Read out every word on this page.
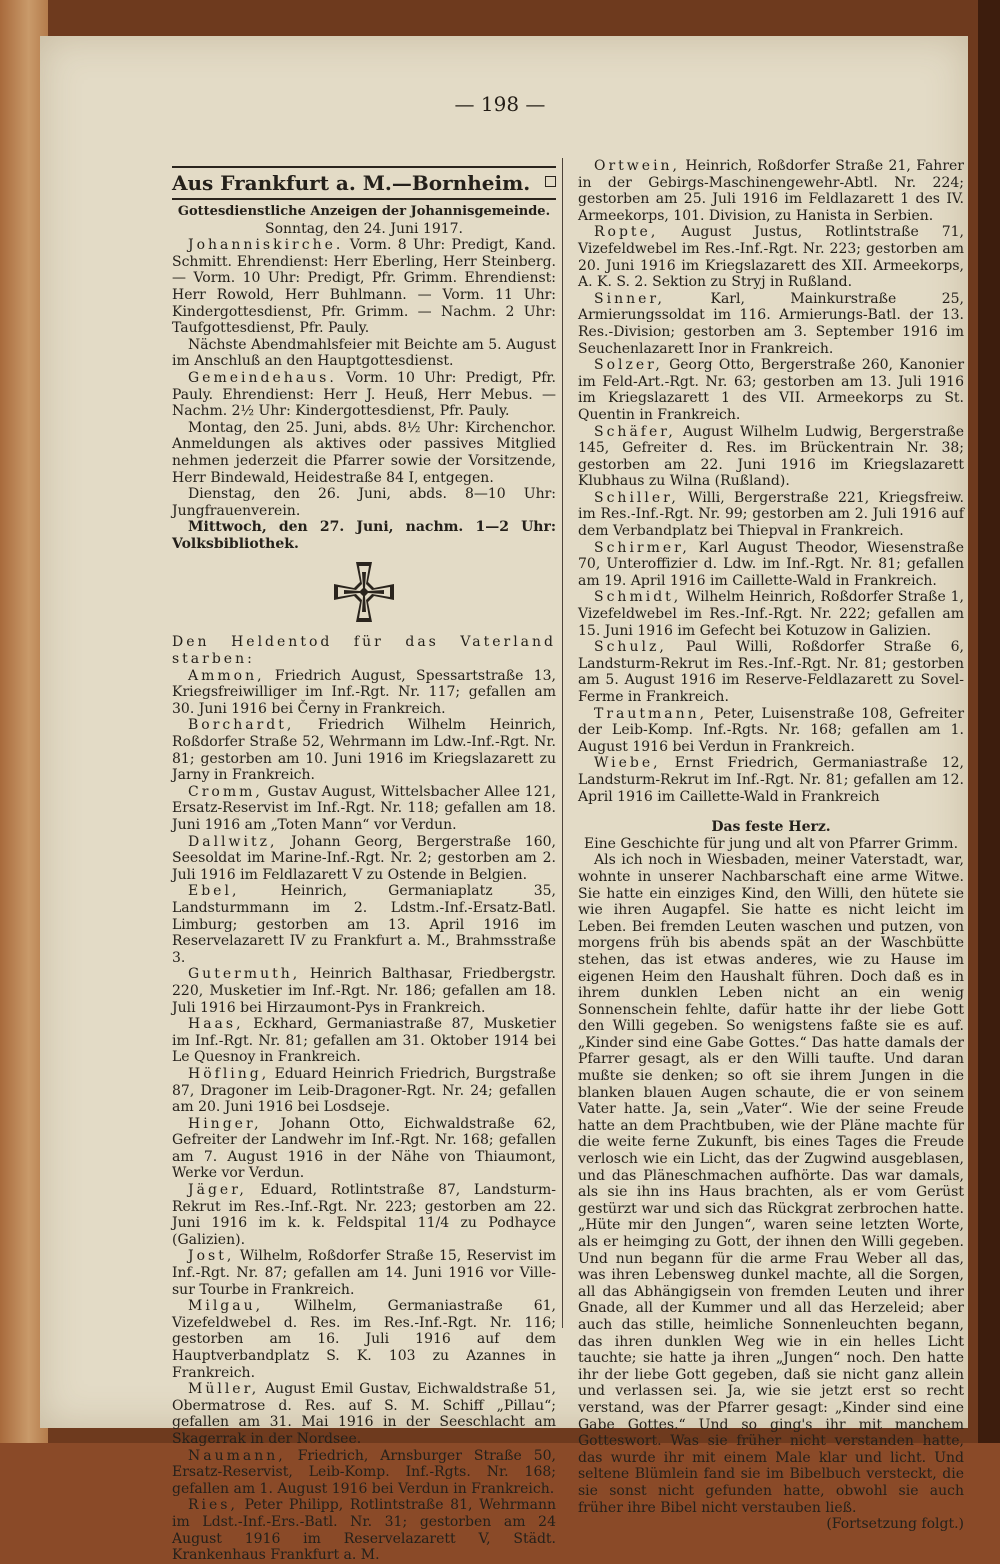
— 198 —
Aus Frankfurt a. M.—Bornheim.

Gottesdienstliche Anzeigen der Johannisgemeinde.

Sonntag, den 24. Juni 1917.

Johanniskirche. Vorm. 8 Uhr: Predigt, Kand. Schmitt. Ehrendienst: Herr Eberling, Herr Steinberg. — Vorm. 10 Uhr: Predigt, Pfr. Grimm. Ehrendienst: Herr Rowold, Herr Buhlmann. — Vorm. 11 Uhr: Kindergottesdienst, Pfr. Grimm. — Nachm. 2 Uhr: Taufgottesdienst, Pfr. Pauly.

Nächste Abendmahlsfeier mit Beichte am 5. August im Anschluß an den Hauptgottesdienst.

Gemeindehaus. Vorm. 10 Uhr: Predigt, Pfr. Pauly. Ehrendienst: Herr J. Heuß, Herr Mebus. — Nachm. 2½ Uhr: Kindergottesdienst, Pfr. Pauly.

Montag, den 25. Juni, abds. 8½ Uhr: Kirchenchor. Anmeldungen als aktives oder passives Mitglied nehmen jederzeit die Pfarrer sowie der Vorsitzende, Herr Bindewald, Heidestraße 84 I, entgegen.

Dienstag, den 26. Juni, abds. 8—10 Uhr: Jungfrauenverein.

Mittwoch, den 27. Juni, nachm. 1—2 Uhr: Volksbibliothek.

Den Heldentod für das Vaterland starben:

Ammon, Friedrich August, Spessartstraße 13, Kriegsfreiwilliger im Inf.-Rgt. Nr. 117; gefallen am 30. Juni 1916 bei Černy in Frankreich.

Borchardt, Friedrich Wilhelm Heinrich, Roßdorfer Straße 52, Wehrmann im Ldw.-Inf.-Rgt. Nr. 81; gestorben am 10. Juni 1916 im Kriegslazarett zu Jarny in Frankreich.

Cromm, Gustav August, Wittelsbacher Allee 121, Ersatz-Reservist im Inf.-Rgt. Nr. 118; gefallen am 18. Juni 1916 am „Toten Mann“ vor Verdun.

Dallwitz, Johann Georg, Bergerstraße 160, Seesoldat im Marine-Inf.-Rgt. Nr. 2; gestorben am 2. Juli 1916 im Feldlazarett V zu Ostende in Belgien.

Ebel,	Heinrich, Germaniaplatz 35, Landsturmmann im 2. Ldstm.-Inf.-Ersatz-Batl. Limburg; gestorben am 13. April 1916 im Reservelazarett IV zu Frankfurt a. M., Brahmsstraße 3.

Gutermuth, Heinrich Balthasar, Friedbergstr. 220, Musketier im Inf.-Rgt. Nr. 186; gefallen am 18. Juli 1916 bei Hirzaumont-Pys in Frankreich.

Haas, Eckhard, Germaniastraße 87, Musketier im Inf.-Rgt. Nr. 81; gefallen am 31. Oktober 1914 bei Le Quesnoy in Frankreich.

Höfling, Eduard Heinrich Friedrich, Burgstraße 87, Dragoner im Leib-Dragoner-Rgt. Nr. 24; gefallen am 20. Juni 1916 bei Losdseje.

Hinger, Johann Otto, Eichwaldstraße 62, Gefreiter der Landwehr im Inf.-Rgt. Nr. 168; gefallen am 7. August 1916 in der Nähe von Thiaumont, Werke vor Verdun.

Jäger, Eduard, Rotlintstraße 87, Landsturm-Rekrut im Res.-Inf.-Rgt. Nr. 223; gestorben am 22. Juni 1916 im k. k. Feldspital 11/4 zu Podhayce (Galizien).

Jost, Wilhelm, Roßdorfer Straße 15, Reservist im Inf.-Rgt. Nr. 87; gefallen am 14. Juni 1916 vor Ville-sur Tourbe in Frankreich.

Milgau, Wilhelm, Germaniastraße 61, Vizefeldwebel d. Res. im Res.-Inf.-Rgt. Nr. 116; gestorben am 16. Juli 1916 auf dem Hauptverbandplatz S. K. 103 zu Azannes in Frankreich.

Müller, August Emil Gustav, Eichwaldstraße 51, Obermatrose d. Res. auf S. M. Schiff „Pillau“; gefallen am 31. Mai 1916 in der Seeschlacht am Skagerrak in der Nordsee.

Naumann, Friedrich, Arnsburger Straße 50, Ersatz-Reservist, Leib-Komp. Inf.-Rgts. Nr. 168; gefallen am 1. August 1916 bei Verdun in Frankreich.

Ries, Peter Philipp, Rotlintstraße 81, Wehrmann im Ldst.-Inf.-Ers.-Batl. Nr. 31; gestorben am 24 August 1916 im Reservelazarett V, Städt. Krankenhaus Frankfurt a. M.

Ortwein, Heinrich, Roßdorfer Straße 21, Fahrer in der Gebirgs-Maschinengewehr-Abtl. Nr. 224; gestorben am 25. Juli 1916 im Feldlazarett 1 des IV. Armeekorps, 101. Division, zu Hanista in Serbien.

Ropte, August Justus, Rotlintstraße 71, Vizefeldwebel im Res.-Inf.-Rgt. Nr. 223; gestorben am 20. Juni 1916 im Kriegslazarett des XII. Armeekorps, A. K. S. 2. Sektion zu Stryj in Rußland.

Sinner,	Karl, Mainkurstraße 25, Armierungssoldat im 116. Armierungs-Batl. der 13. Res.-Division; gestorben am 3. September 1916 im Seuchenlazarett Inor in Frankreich.

Solzer, Georg Otto, Bergerstraße 260, Kanonier im Feld-Art.-Rgt. Nr. 63; gestorben am 13. Juli 1916 im Kriegslazarett 1 des VII. Armeekorps zu St. Quentin in Frankreich.

Schäfer, August Wilhelm Ludwig, Bergerstraße 145, Gefreiter d. Res. im Brückentrain Nr. 38; gestorben am 22. Juni 1916 im Kriegslazarett Klubhaus zu Wilna (Rußland).

Schiller, Willi, Bergerstraße 221, Kriegsfreiw. im Res.-Inf.-Rgt. Nr. 99; gestorben am 2. Juli 1916 auf dem Verbandplatz bei Thiepval in Frankreich.

Schirmer, Karl August Theodor, Wiesenstraße 70, Unteroffizier d. Ldw. im Inf.-Rgt. Nr. 81; gefallen am 19. April 1916 im Caillette-Wald in Frankreich.

Schmidt, Wilhelm Heinrich, Roßdorfer Straße 1, Vizefeldwebel im Res.-Inf.-Rgt. Nr. 222; gefallen am 15. Juni 1916 im Gefecht bei Kotuzow in Galizien.

Schulz, Paul Willi, Roßdorfer Straße 6, Landsturm-Rekrut im Res.-Inf.-Rgt. Nr. 81; gestorben am 5. August 1916 im Reserve-Feldlazarett zu Sovel-Ferme in Frankreich.

Trautmann, Peter, Luisenstraße 108, Gefreiter der Leib-Komp. Inf.-Rgts. Nr. 168; gefallen am 1. August 1916 bei Verdun in Frankreich.

Wiebe, Ernst Friedrich, Germaniastraße 12, Landsturm-Rekrut im Inf.-Rgt. Nr. 81; gefallen am 12. April 1916 im Caillette-Wald in Frankreich

Das feste Herz.

Eine Geschichte für jung und alt von Pfarrer Grimm.

Als ich noch in Wiesbaden, meiner Vaterstadt, war, wohnte in unserer Nachbarschaft eine arme Witwe. Sie hatte ein einziges Kind, den Willi, den hütete sie wie ihren Augapfel. Sie hatte es nicht leicht im Leben. Bei fremden Leuten waschen und putzen, von morgens früh bis abends spät an der Waschbütte stehen, das ist etwas anderes, wie zu Hause im eigenen Heim den Haushalt führen. Doch daß es in ihrem dunklen Leben nicht an ein wenig Sonnenschein fehlte, dafür hatte ihr der liebe Gott den Willi gegeben. So wenigstens faßte sie es auf. „Kinder sind eine Gabe Gottes.“ Das hatte damals der Pfarrer gesagt, als er den Willi taufte. Und daran mußte sie denken; so oft sie ihrem Jungen in die blanken blauen Augen schaute, die er von seinem Vater hatte. Ja, sein „Vater“. Wie der seine Freude hatte an dem Prachtbuben, wie der Pläne machte für die weite ferne Zukunft, bis eines Tages die Freude verlosch wie ein Licht, das der Zugwind ausgeblasen, und das Pläneschmachen aufhörte. Das war damals, als sie ihn ins Haus brachten, als er vom Gerüst gestürzt war und sich das Rückgrat zerbrochen hatte. „Hüte mir den Jungen“, waren seine letzten Worte, als er heimging zu Gott, der ihnen den Willi gegeben. Und nun begann für die arme Frau Weber all das, was ihren Lebensweg dunkel machte, all die Sorgen, all das Abhängigsein von fremden Leuten und ihrer Gnade, all der Kummer und all das Herzeleid; aber auch das stille, heimliche Sonnenleuchten begann, das ihren dunklen Weg wie in ein helles Licht tauchte; sie hatte ja ihren „Jungen“ noch. Den hatte ihr der liebe Gott gegeben, daß sie nicht ganz allein und verlassen sei. Ja, wie sie jetzt erst so recht verstand, was der Pfarrer gesagt: „Kinder sind eine Gabe Gottes.“ Und so ging's ihr mit manchem Gotteswort. Was sie früher nicht verstanden hatte, das wurde ihr mit einem Male klar und licht. Und seltene Blümlein fand sie im Bibelbuch versteckt, die sie sonst nicht gefunden hatte, obwohl sie auch früher ihre Bibel nicht verstauben ließ.

(Fortsetzung folgt.)
